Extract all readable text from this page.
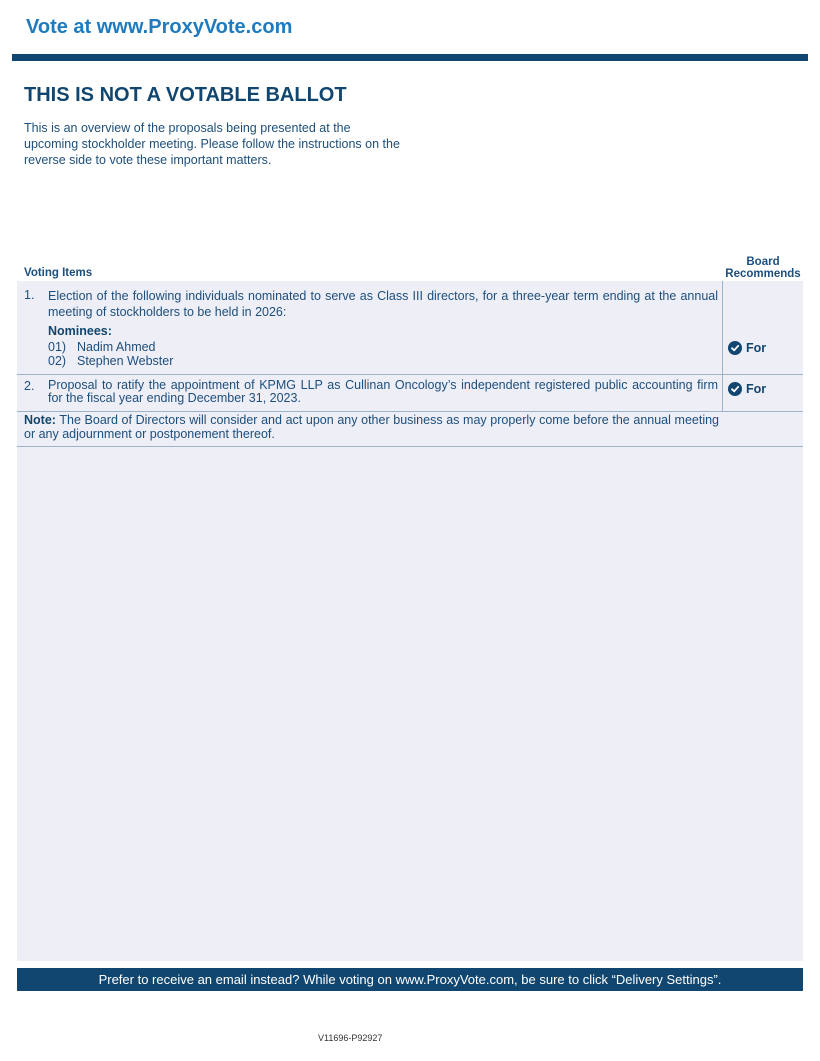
Vote at www.ProxyVote.com
THIS IS NOT A VOTABLE BALLOT
This is an overview of the proposals being presented at the upcoming stockholder meeting. Please follow the instructions on the reverse side to vote these important matters.
Voting Items
Board Recommends
1. Election of the following individuals nominated to serve as Class III directors, for a three-year term ending at the annual meeting of stockholders to be held in 2026:
Nominees:
01) Nadim Ahmed
02) Stephen Webster
For
2. Proposal to ratify the appointment of KPMG LLP as Cullinan Oncology’s independent registered public accounting firm for the fiscal year ending December 31, 2023.
For
Note: The Board of Directors will consider and act upon any other business as may properly come before the annual meeting or any adjournment or postponement thereof.
Prefer to receive an email instead? While voting on www.ProxyVote.com, be sure to click “Delivery Settings”.
V11696-P92927
